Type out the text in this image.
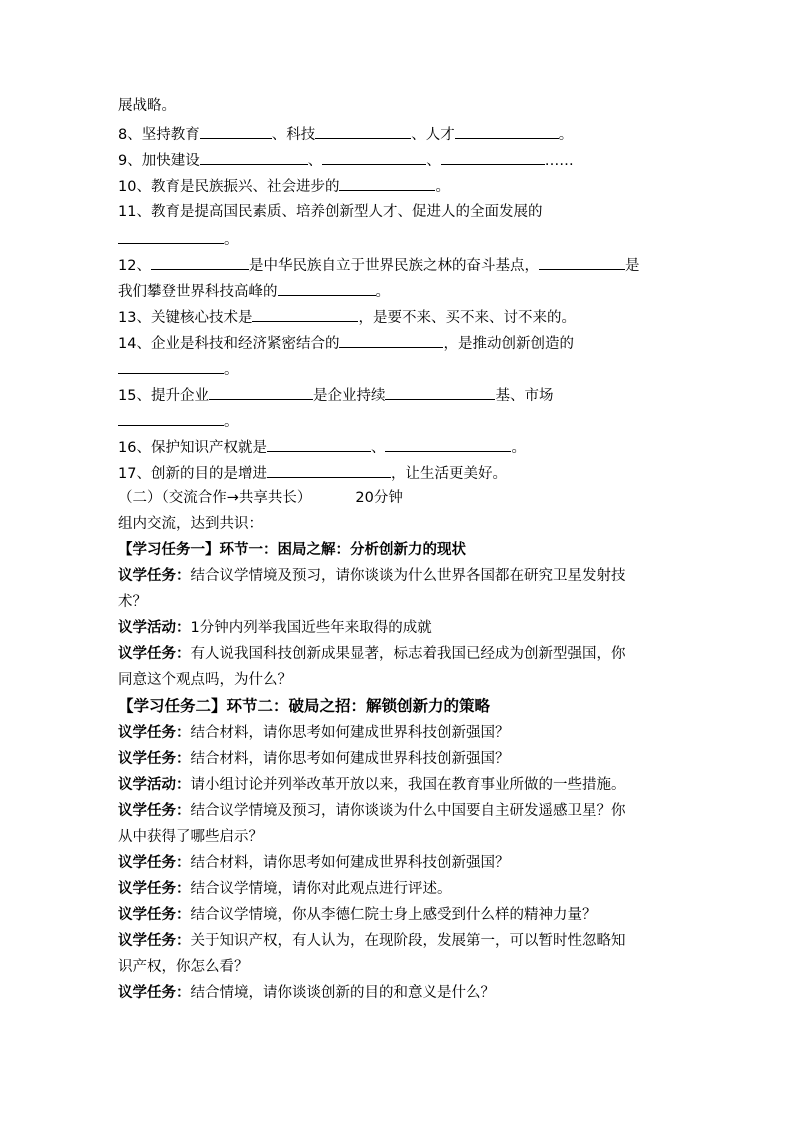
展战略。
8、坚持教育	、科技	、人才	。
9、加快建设	、	、	……
10、教育是民族振兴、社会进步的	。
11、教育是提高国民素质、培养创新型人才、促进人的全面发展的
。
12、	是中华民族自立于世界民族之林的奋斗基点，	是
我们攀登世界科技高峰的	。
13、关键核心技术是	，是要不来、买不来、讨不来的。
14、企业是科技和经济紧密结合的	，是推动创新创造的
。
15、提升企业	是企业持续	基、市场
。
16、保护知识产权就是	、	。
17、创新的目的是增进	，让生活更美好。
（二）（交流合作→共享共长）	20分钟
组内交流，达到共识：
【学习任务一】环节一：困局之解：分析创新力的现状
议学任务：结合议学情境及预习，请你谈谈为什么世界各国都在研究卫星发射技
术？
议学活动：1分钟内列举我国近些年来取得的成就
议学任务：有人说我国科技创新成果显著，标志着我国已经成为创新型强国，你
同意这个观点吗，为什么？
【学习任务二】环节二：破局之招：解锁创新力的策略
议学任务：结合材料，请你思考如何建成世界科技创新强国？
议学任务：结合材料，请你思考如何建成世界科技创新强国？
议学活动：请小组讨论并列举改革开放以来，我国在教育事业所做的一些措施。
议学任务：结合议学情境及预习，请你谈谈为什么中国要自主研发遥感卫星？你
从中获得了哪些启示？
议学任务：结合材料，请你思考如何建成世界科技创新强国？
议学任务：结合议学情境，请你对此观点进行评述。
议学任务：结合议学情境，你从李德仁院士身上感受到什么样的精神力量？
议学任务：关于知识产权，有人认为，在现阶段，发展第一，可以暂时性忽略知
识产权，你怎么看？
议学任务：结合情境，请你谈谈创新的目的和意义是什么？
